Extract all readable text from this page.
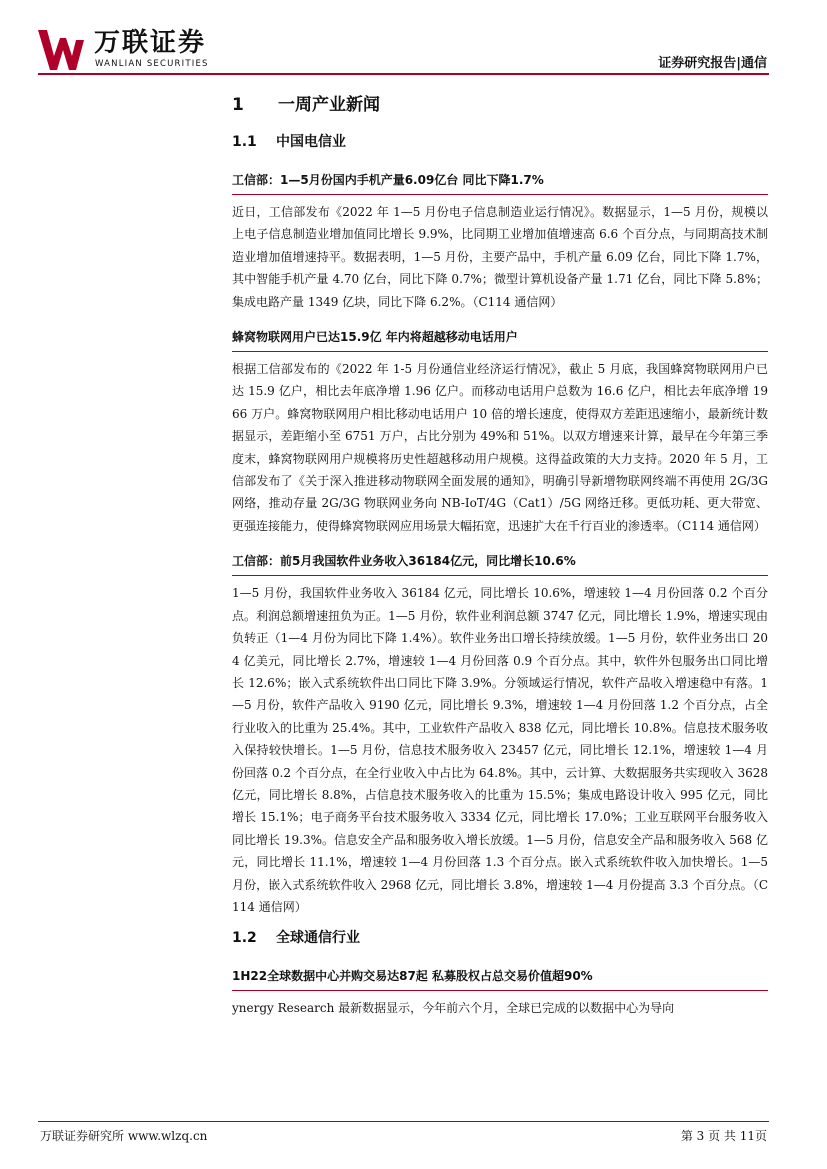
万联证券
WANLIAN SECURITIES	证券研究报告|通信
1 一周产业新闻
1.1 中国电信业
工信部：1—5月份国内手机产量6.09亿台 同比下降1.7%

近日，工信部发布《2022 年 1—5 月份电子信息制造业运行情况》。数据显示，1—5 月份，规模以上电子信息制造业增加值同比增长 9.9%，比同期工业增加值增速高 6.6 个百分点，与同期高技术制造业增加值增速持平。数据表明，1—5 月份，主要产品中，手机产量 6.09 亿台，同比下降 1.7%，其中智能手机产量 4.70 亿台，同比下降 0.7%；微型计算机设备产量 1.71 亿台，同比下降 5.8%；集成电路产量 1349 亿块，同比下降 6.2%。（C114 通信网）

蜂窝物联网用户已达15.9亿 年内将超越移动电话用户

根据工信部发布的《2022 年 1-5 月份通信业经济运行情况》，截止 5 月底，我国蜂窝物联网用户已达 15.9 亿户，相比去年底净增 1.96 亿户。而移动电话用户总数为 16.6 亿户，相比去年底净增 1966 万户。蜂窝物联网用户相比移动电话用户 10 倍的增长速度，使得双方差距迅速缩小，最新统计数据显示，差距缩小至 6751 万户，占比分别为 49%和 51%。以双方增速来计算，最早在今年第三季度末，蜂窝物联网用户规模将历史性超越移动用户规模。这得益政策的大力支持。2020 年 5 月，工信部发布了《关于深入推进移动物联网全面发展的通知》，明确引导新增物联网终端不再使用 2G/3G 网络，推动存量 2G/3G 物联网业务向 NB-IoT/4G（Cat1）/5G 网络迁移。更低功耗、更大带宽、更强连接能力，使得蜂窝物联网应用场景大幅拓宽，迅速扩大在千行百业的渗透率。（C114 通信网）

工信部：前5月我国软件业务收入36184亿元，同比增长10.6%

1—5 月份，我国软件业务收入 36184 亿元，同比增长 10.6%，增速较 1—4 月份回落 0.2 个百分点。利润总额增速扭负为正。1—5 月份，软件业利润总额 3747 亿元，同比增长 1.9%，增速实现由负转正（1—4 月份为同比下降 1.4%）。软件业务出口增长持续放缓。1—5 月份，软件业务出口 204 亿美元，同比增长 2.7%，增速较 1—4 月份回落 0.9 个百分点。其中，软件外包服务出口同比增长 12.6%；嵌入式系统软件出口同比下降 3.9%。分领域运行情况，软件产品收入增速稳中有落。1—5 月份，软件产品收入 9190 亿元，同比增长 9.3%，增速较 1—4 月份回落 1.2 个百分点，占全行业收入的比重为 25.4%。其中，工业软件产品收入 838 亿元，同比增长 10.8%。信息技术服务收入保持较快增长。1—5 月份，信息技术服务收入 23457 亿元，同比增长 12.1%，增速较 1—4 月份回落 0.2 个百分点，在全行业收入中占比为 64.8%。其中，云计算、大数据服务共实现收入 3628 亿元，同比增长 8.8%，占信息技术服务收入的比重为 15.5%；集成电路设计收入 995 亿元，同比增长 15.1%；电子商务平台技术服务收入 3334 亿元，同比增长 17.0%；工业互联网平台服务收入同比增长 19.3%。信息安全产品和服务收入增长放缓。1—5 月份，信息安全产品和服务收入 568 亿元，同比增长 11.1%，增速较 1—4 月份回落 1.3 个百分点。嵌入式系统软件收入加快增长。1—5 月份，嵌入式系统软件收入 2968 亿元，同比增长 3.8%，增速较 1—4 月份提高 3.3 个百分点。（C114 通信网）

1.2 全球通信行业
1H22全球数据中心并购交易达87起 私募股权占总交易价值超90%

ynergy Research 最新数据显示，今年前六个月，全球已完成的以数据中心为导向

万联证券研究所 www.wlzq.cn	第 3 页 共 11页
